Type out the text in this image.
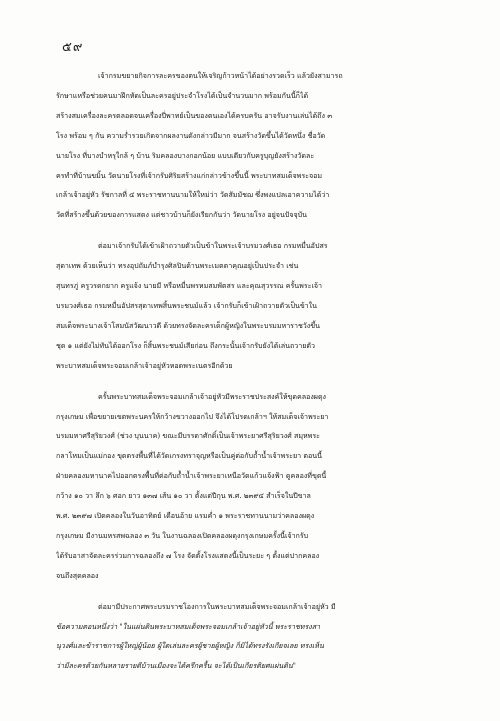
๕๙
เจ้ากรมขยายกิจการละครของตนให้เจริญก้าวหน้าได้อย่างรวดเร็ว แล้วยังสามารถ
รักษาแหรือช่วยคนมาฝึกหัดเป็นละครอยู่ประจำโรงได้เป็นจำนวนมาก พร้อมกันนี้ก็ได้
สร้างสมเครื่องละครตลอดจนเครื่องปี่พาทย์เป็นของตนเองได้ครบครัน อาจรับงานเล่นได้ถึง ๓
โรง พร้อม ๆ กัน ความร่ำรวยเกิดจากผลงานดังกล่าวมีมาก จนสร้างวัดขึ้นได้วัดหนึ่ง ชื่อวัด
นายโรง ที่บางบำหรุใกล้ ๆ บ้าน ริมคลองบางกอกน้อย แบบเดียวกับครูบุญยังสร้างวัดละ
ครทำที่บ้านขมิ้น วัดนายโรงที่เจ้ากรับศิริยสร้างแก่กล่าวข้างขึ้นนี้ พระบาทสมเด็จพระจอม
เกล้าเจ้าอยู่หัว รัชกาลที่ ๔ พระราชทานนามให้ใหม่ว่า วัดสัมมัชฌ ซึ่งพงแปลเอาความได้ว่า
วัดที่สร้างขึ้นด้วยของการแสดง แต่ชาวบ้านก็ยังเรียกกันว่า วัดนายโรง อยู่จนปัจจุบัน
ต่อมาเจ้ากรับได้เข้าเฝ้าถวายตัวเป็นข้าในพระเจ้าบรมวงศ์เธอ กรมหมื่นอัปสร
สุดาเทพ ด้วยเห็นว่า ทรงอุปถัมภ์บำรุงศิลปินด้านพระเมตตาคุณอยู่เป็นประจำ เช่น
สุนทรภู่ ครูวรดกยาก ครูแจ้ง นายมี หรือหมื่นพรหมสมพัตสร และคุณสุวรรณ ครั้นพระเจ้า
บรมวงศ์เธอ กรมหมื่นอัปสรสุดาเทพสิ้นพระชนม์แล้ว เจ้ากรับก็เข้าเฝ้าถวายตัวเป็นข้าใน
สมเด็จพระนางเจ้าโสมนัสวัฒนาวดี ด้วยทรงจัดละครเด็กผู้หญิงในพระบรมมหาราชวังขึ้น
ชุด ๑ แต่ยังไม่ทันได้ออกโรง ก็สิ้นพระชนม์เสียก่อน ถึงกระนั้นเจ้ากรับยังได้เล่นถวายตัว
พระบาทสมเด็จพระจอมเกล้าเจ้าอยู่หัวหอดพระเนตรอีกด้วย
ครั้นพระบาทสมเด็จพระจอมเกล้าเจ้าอยู่หัวมีพระราชประสงค์ให้ขุดคลองผดุง
กรุงเกษม เพื่อขยายเขตพระนครให้กว้างขวางออกไป จึงได้โปรดเกล้าฯ ให้สมเด็จเจ้าพระยา
บรมมหาศรีสุริยวงศ์ (ช่วง บุนนาค) ขณะมีบรรดาศักดิ์เป็นเจ้าพระยาศรีสุริยวงศ์ สมุหพระ
กลาโหมเป็นแม่กอง ขุดตรงพื้นที่ได้วัดเกรงทราจุญหรือเป็นคู่ต่อกับถ้ำน้ำเจ้าพระยา ตอนนี้
ฝ่ายคลองมหานาคไปออกตรงพื้นที่ต่อกับถ้ำน้ำเจ้าพระยาเหนือวัดแก้วแจ้งฟ้า ดูคลองที่ขุดนี้
กว้าง ๑๐ วา ลึก ๖ ศอก ยาว ๑๓๗ เส้น ๑๐ วา ตั้งแต่ปีกุน พ.ศ. ๒๓๙๔ สำเร็จในปีขาล
พ.ศ. ๒๓๙๗ เปิดคลองในวันอาทิตย์ เดือนอ้าย แรมค่ำ ๑ พระราชทานนามว่าคลองผดุง
กรุงเกษม มีงานมหรสพฉลอง ๓ วัน ในงานฉลองเปิดคลองผดุงกรุงเกษมครั้งนี้เจ้ากรับ
ได้รับอาสาจัดละครร่วมการฉลองถึง ๗ โรง จัดตั้งโรงแสดงนี้เป็นระยะ ๆ ตั้งแต่ปากคลอง
จนถึงสุดคลอง
ต่อมามีประกาศพระบรมราชโองการในพระบาทสมเด็จพระจอมเกล้าเจ้าอยู่หัว มี
ข้อความตอนหนึ่งว่า "ในแผ่นดินพระบาทสมเด็จพระจอมเกล้าเจ้าอยู่หัวนี้ พระราชทรงสา
นุวงศ์และข้าราชการผู้ใหญ่ผู้น้อย ผู้ใดเล่นละครผู้ชายผู้หญิง ก็มิได้ทรงรังเกียจเลย ทรงเห็น
ว่ามีละครด้วยกันหลายรายดีบ้านเมืองจะได้ครึกครื้น จะได้เป็นเกียรติยศแผ่นดิน"
